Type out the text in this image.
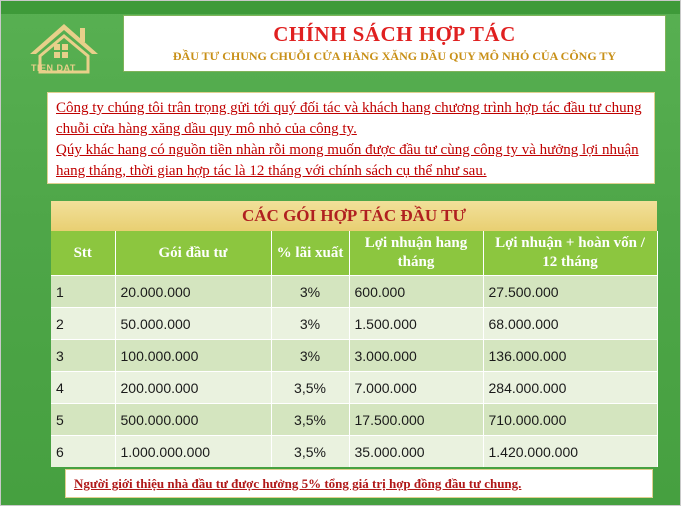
TIEN DAT
CHÍNH SÁCH HỢP TÁC
ĐẦU TƯ CHUNG CHUỖI CỬA HÀNG XĂNG DẦU QUY MÔ NHỎ CỦA CÔNG TY

Công ty chúng tôi trân trọng gửi tới quý đối tác và khách hang chương trình hợp tác đầu tư chung chuỗi cửa hàng xăng dầu quy mô nhỏ của công ty.

Qúy khác hang có nguồn tiền nhàn rỗi mong muốn được đầu tư cùng công ty và hưởng lợi nhuận hang tháng, thời gian hợp tác là 12 tháng với chính sách cụ thể như sau.

CÁC GÓI HỢP TÁC ĐẦU TƯ
Stt	Gói đầu tư	% lãi xuất	Lợi nhuận hang tháng	Lợi nhuận + hoàn vốn / 12 tháng
1	20.000.000	3%	600.000	27.500.000
2	50.000.000	3%	1.500.000	68.000.000
3	100.000.000	3%	3.000.000	136.000.000
4	200.000.000	3,5%	7.000.000	284.000.000
5	500.000.000	3,5%	17.500.000	710.000.000
6	1.000.000.000	3,5%	35.000.000	1.420.000.000
Người giới thiệu nhà đầu tư được hưởng 5% tổng giá trị hợp đồng đầu tư chung.
